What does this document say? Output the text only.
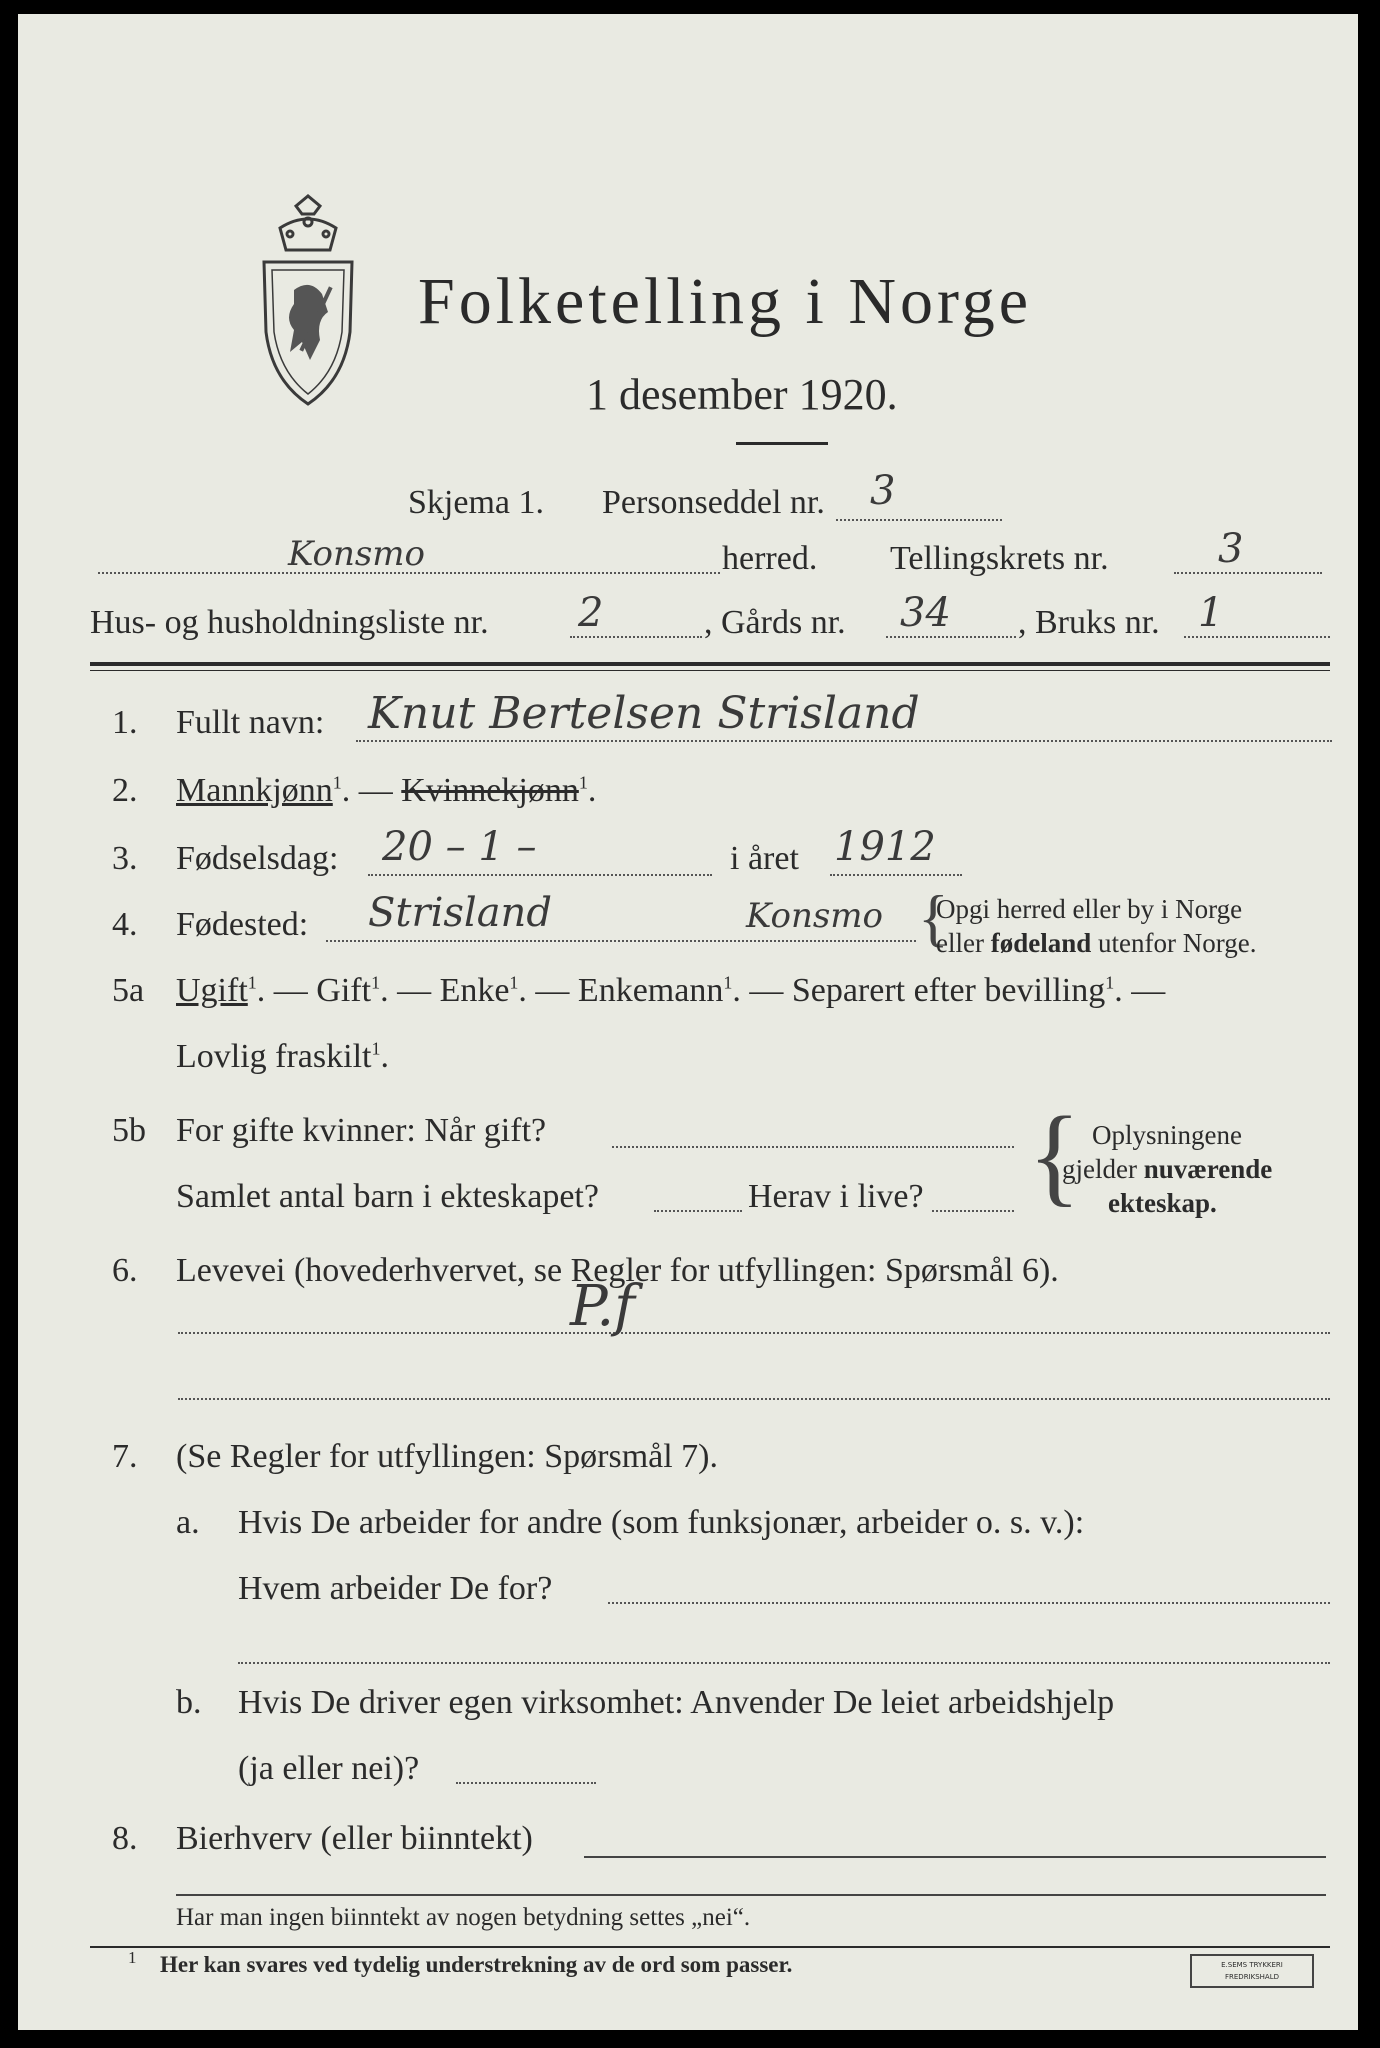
Folketelling i Norge
1 desember 1920.
Skjema 1. Personseddel nr. 3
Konsmo	herred. Tellingskrets nr.	3
Hus- og husholdningsliste nr. 2	, Gårds nr. 34 , Bruks nr. 1
1. Fullt navn: Knut Bertelsen Strisland
2. Mannkjønn$^1$. — Kvinnekjønn$^1$.
3. Fødselsdag: 20 – 1 –	i året 1912
4. Fødested: Strisland	Konsmo {
Opgi herred eller by i Norge
eller fødeland utenfor Norge.
5a Ugift$^1$. — Gift$^1$. — Enke$^1$. — Enkemann$^1$. — Separert efter bevilling$^1$. —
Lovlig fraskilt$^1$.
5b For gifte kvinner: Når gift?
Samlet antal barn i ekteskapet?	Herav i live? { Oplysningene
gjelder nuværende
ekteskap.
6. Levevei (hovederhvervet, se Regler for utfyllingen: Spørsmål 6).
P.f
7. (Se Regler for utfyllingen: Spørsmål 7).
a. Hvis De arbeider for andre (som funksjonær, arbeider o. s. v.):
Hvem arbeider De for?
b. Hvis De driver egen virksomhet: Anvender De leiet arbeidshjelp
(ja eller nei)?
8. Bierhverv (eller biinntekt)
Har man ingen biinntekt av nogen betydning settes „nei“.
1 Her kan svares ved tydelig understrekning av de ord som passer.	E.SEMS TRYKKERI
FREDRIKSHALD
